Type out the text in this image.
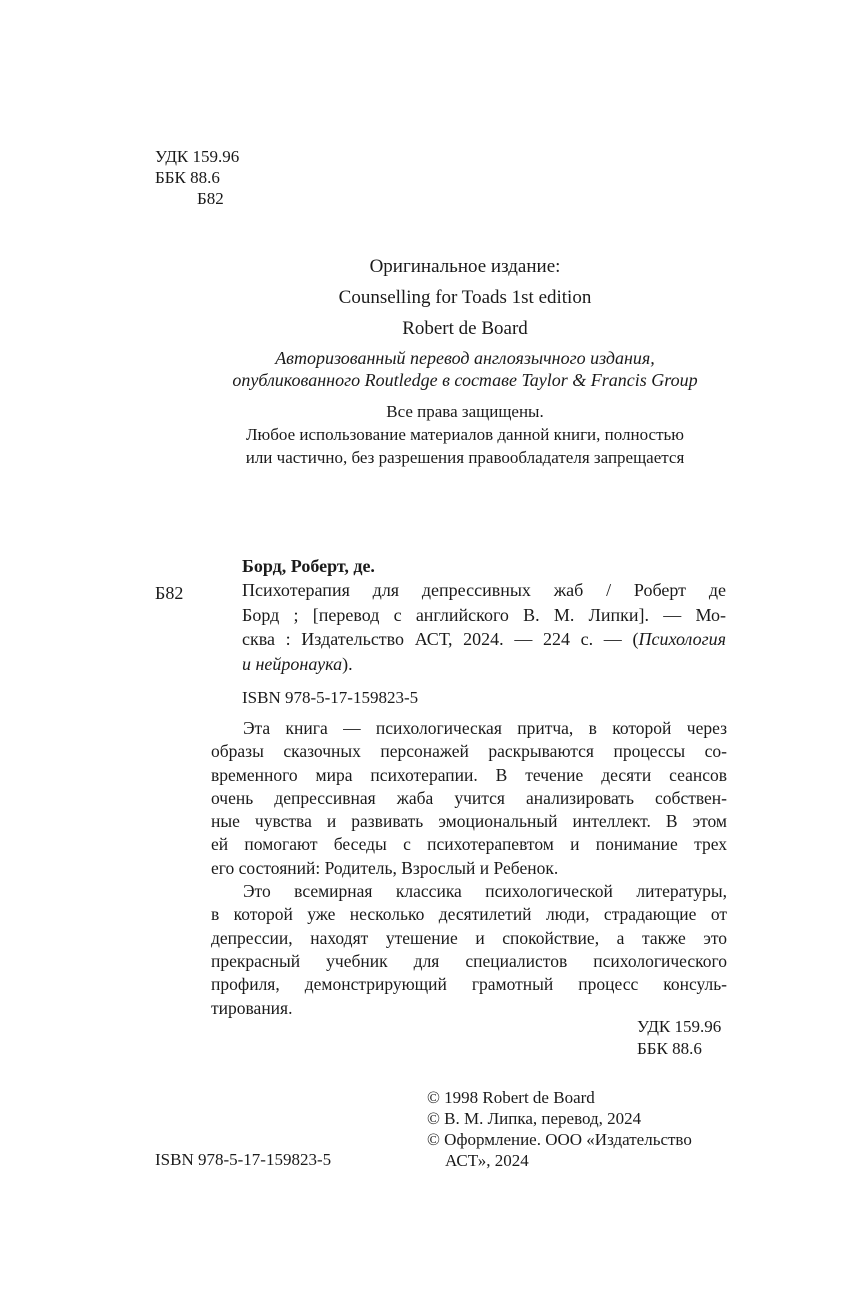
УДК 159.96
ББК 88.6
Б82
Оригинальное издание:
Counselling for Toads 1st edition
Robert de Board
Авторизованный перевод англоязычного издания,
опубликованного Routledge в составе Taylor & Francis Group
Все права защищены.
Любое использование материалов данной книги, полностью
или частично, без разрешения правообладателя запрещается
Борд, Роберт, де.
Б82	Психотерапия для депрессивных жаб / Роберт де
Борд ; [перевод с английского В. М. Липки]. — Мо-
сква : Издательство АСТ, 2024. — 224 с. — (Психология
и нейронаука).
ISBN 978-5-17-159823-5
Эта книга — психологическая притча, в которой через
образы сказочных персонажей раскрываются процессы со-
временного мира психотерапии. В течение десяти сеансов
очень депрессивная жаба учится анализировать собствен-
ные чувства и развивать эмоциональный интеллект. В этом
ей помогают беседы с психотерапевтом и понимание трех
его состояний: Родитель, Взрослый и Ребенок.
Это всемирная классика психологической литературы,
в которой уже несколько десятилетий люди, страдающие от
депрессии, находят утешение и спокойствие, а также это
прекрасный учебник для специалистов психологического
профиля, демонстрирующий грамотный процесс консуль-
тирования.
УДК 159.96
ББК 88.6
© 1998 Robert de Board
© В. М. Липка, перевод, 2024
© Оформление. ООО «Издательство
АСТ», 2024
ISBN 978-5-17-159823-5
